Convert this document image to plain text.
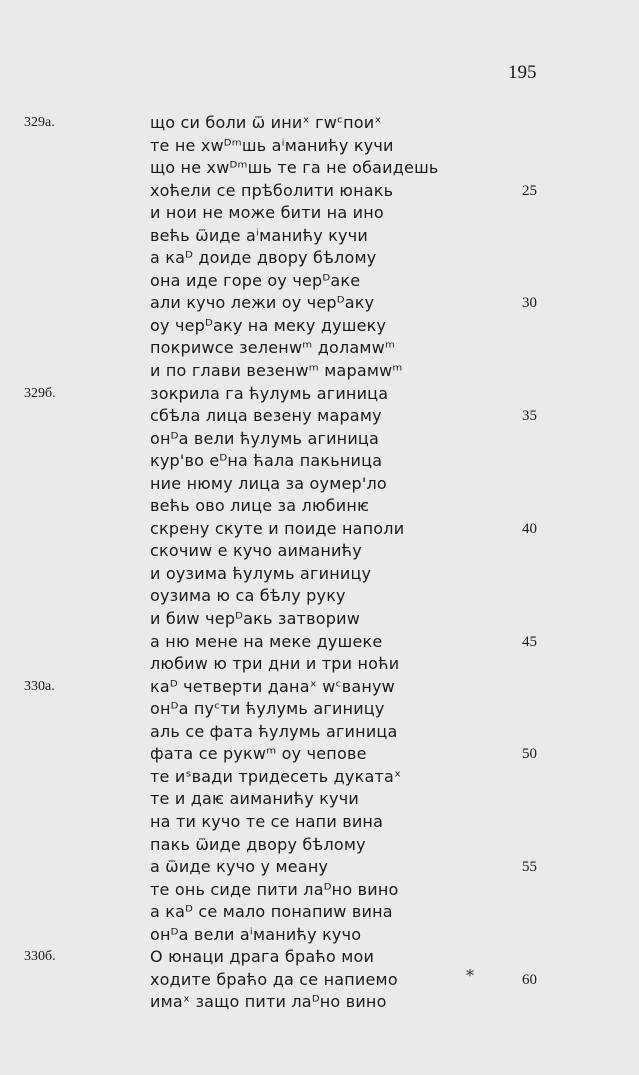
195
що си боли ѿ иниˣ гwᶜпоиˣ
те не хwᴰᵐшь аⁱманићу кучи
що не хwᴰᵐшь те га не обаидешь
хоћели се прѣболити юнакь
и нои не може бити на ино
већь ѿиде аⁱманићу кучи
а каᴰ доиде двору бѣлому
она иде горе оу черᴰаке
али кучо лежи оу черᴰаку
оу черᴰаку на меку душеку
покриwсе зеленwᵐ доламwᵐ
и по глави везенwᵐ марамwᵐ
зокрила га ћулумь агиница
сбѣла лица везену мараму
онᴰа вели ћулумь агиница
кур'во еᴰна ћала пакьница
ние нюму лица за оумер'ло
већь ово лице за любинѥ
скрену скуте и поиде наполи
скочиw е кучо аиманићу
и оузима ћулумь агиницу
оузима ю са бѣлу руку
и биw черᴰакь затвориw
а ню мене на меке душеке
любиw ю три дни и три ноћи
каᴰ четверти данаˣ wᶜвануw
онᴰа пуᶜти ћулумь агиницу
аль се фата ћулумь агиница
фата се рукwᵐ оу чепове
те иˢвади тридесеть дукатаˣ
те и даѥ аиманићу кучи
на ти кучо те се напи вина
пакь ѿиде двору бѣлому
а ѿиде кучо у меану
те онь сиде пити лаᴰно вино
а каᴰ се мало понапиw вина
онᴰа вели аⁱманићу кучо
О юнаци драга браћо мои
ходите браћо да се напиемо
имаˣ защо пити лаᴰно вино
329a.
329б.
330a.
330б.
25
30
35
40
45
50
55
60
*
